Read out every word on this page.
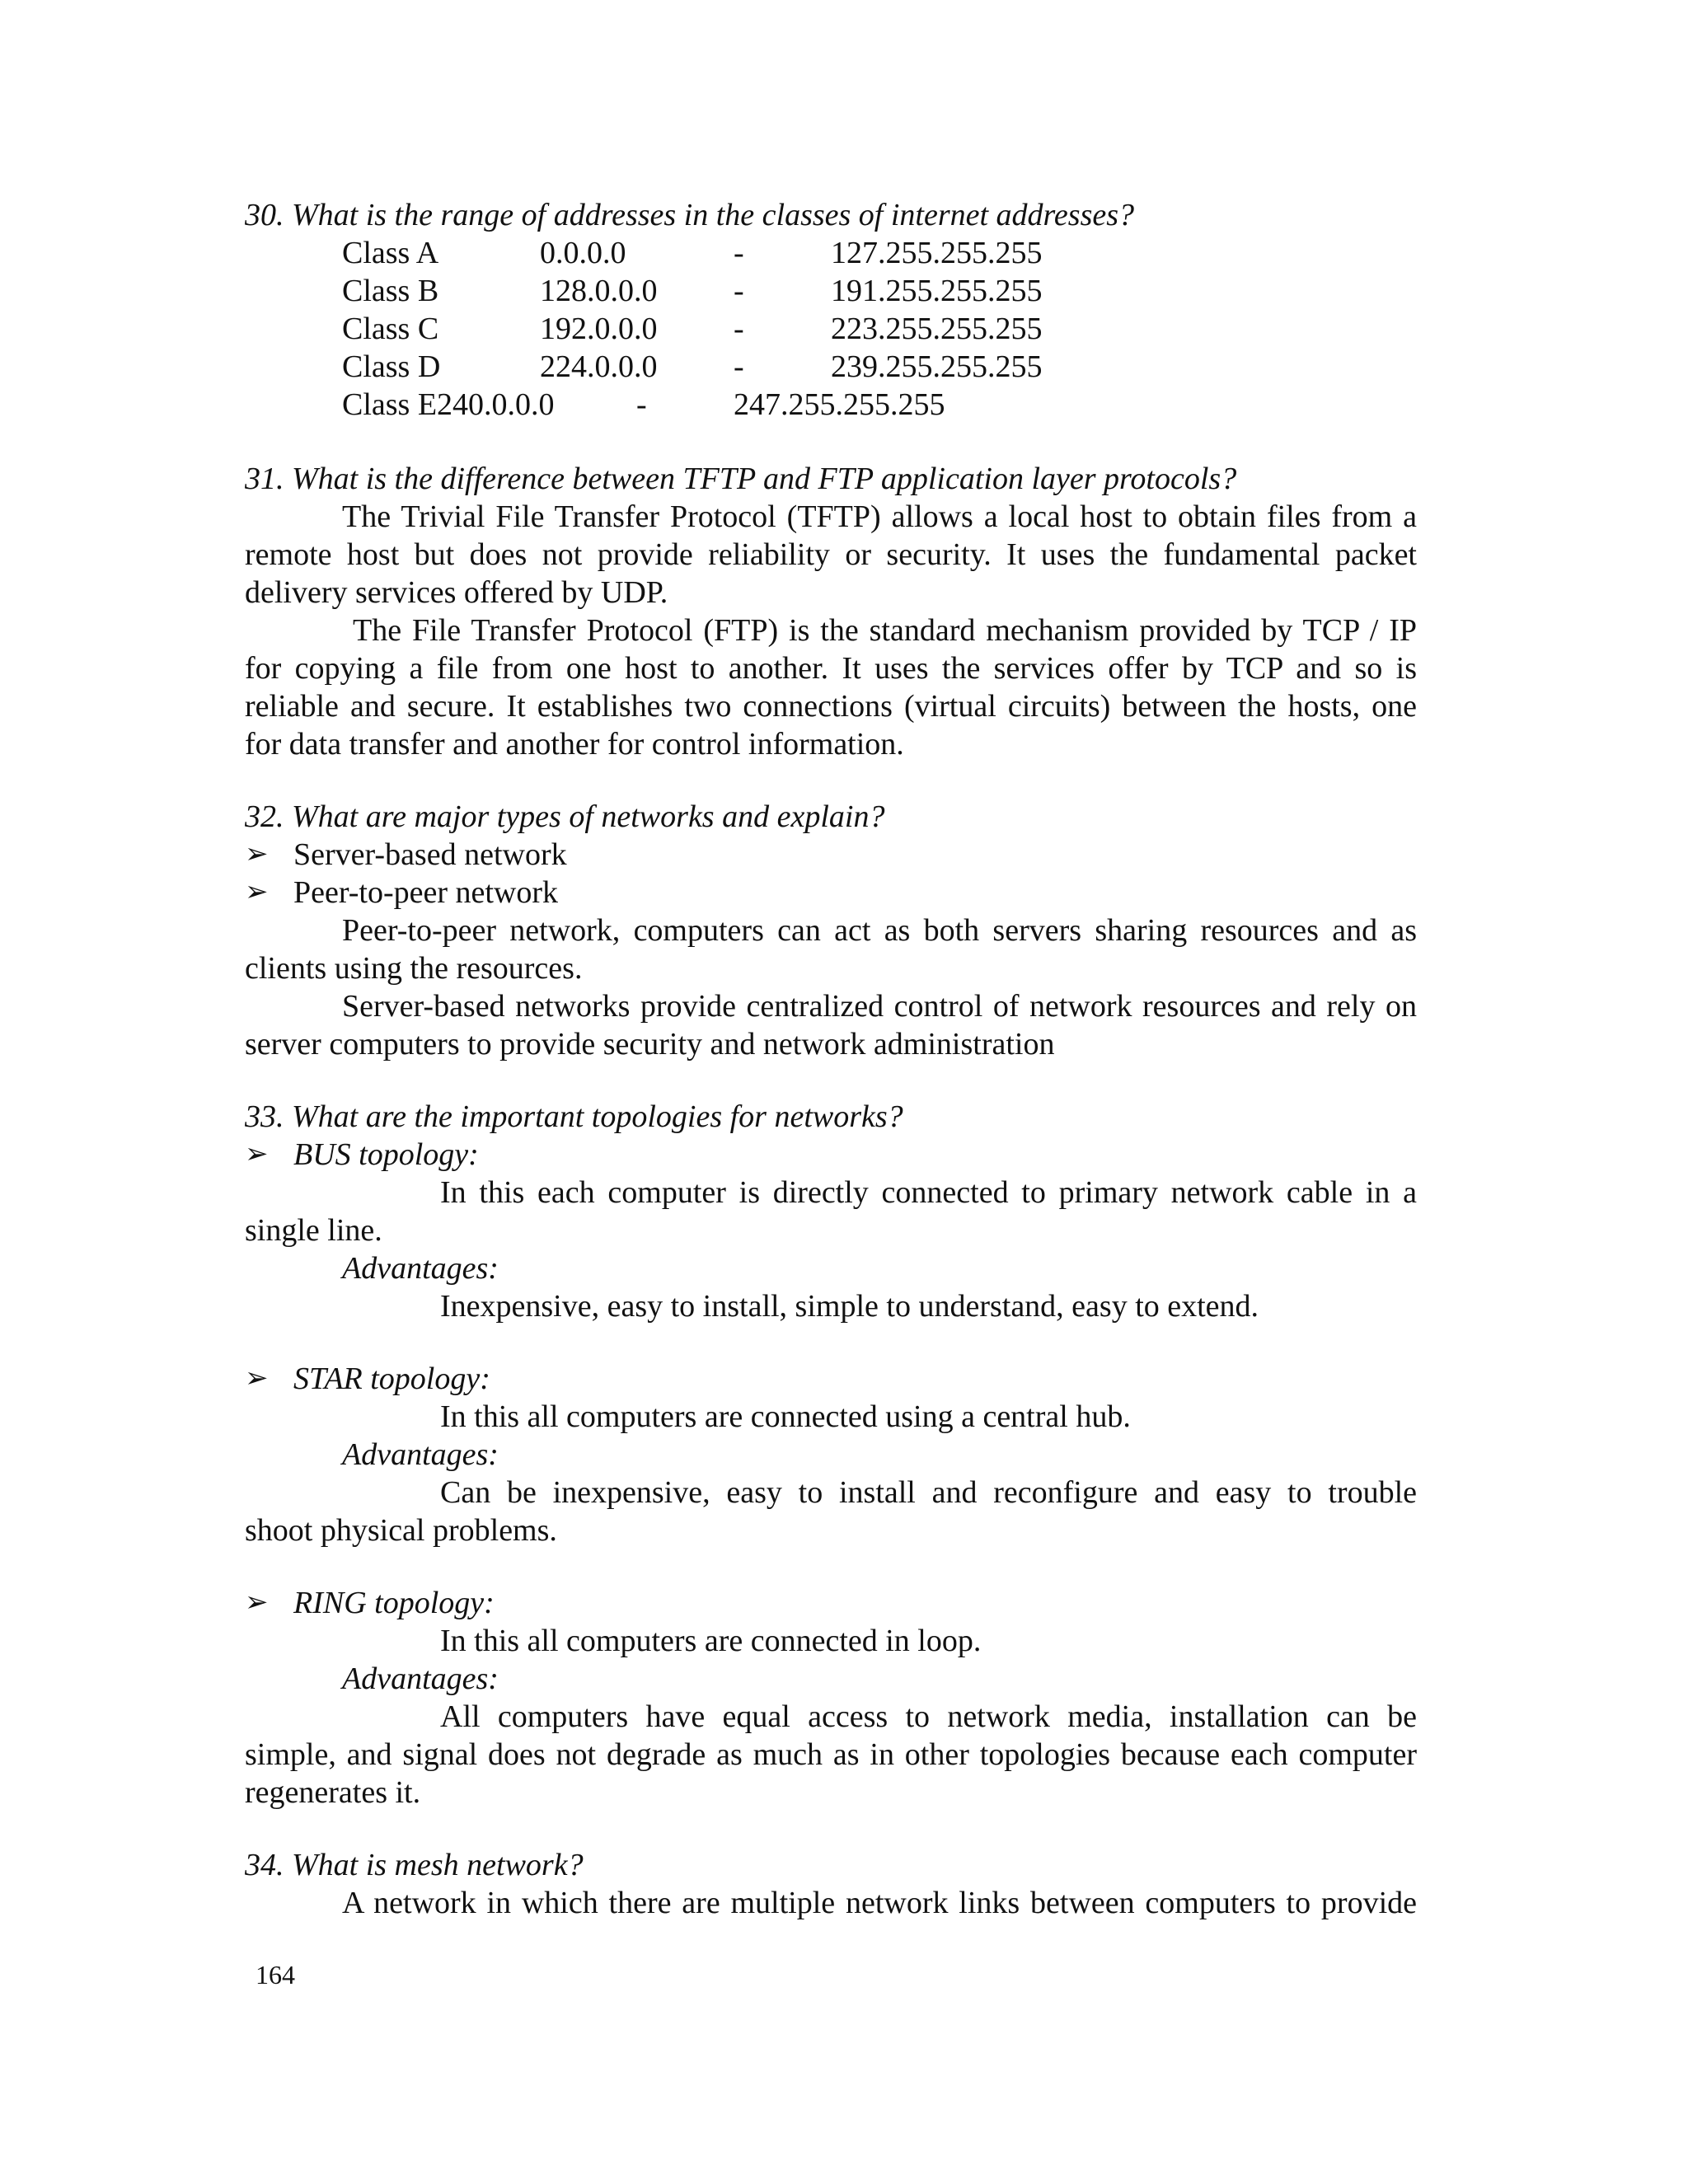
30. What is the range of addresses in the classes of internet addresses?
Class A	0.0.0.0	-	127.255.255.255
Class B	128.0.0.0 -	191.255.255.255
Class C	192.0.0.0 -	223.255.255.255
Class D	224.0.0.0 -	239.255.255.255
Class E240.0.0.0	-	247.255.255.255
31. What is the difference between TFTP and FTP application layer protocols?
The Trivial File Transfer Protocol (TFTP) allows a local host to obtain files from a
remote host but does not provide reliability or security. It uses the fundamental packet
delivery services offered by UDP.
The File Transfer Protocol (FTP) is the standard mechanism provided by TCP / IP
for copying a file from one host to another. It uses the services offer by TCP and so is
reliable and secure. It establishes two connections (virtual circuits) between the hosts, one
for data transfer and another for control information.
32. What are major types of networks and explain?
➢ Server-based network
➢ Peer-to-peer network
Peer-to-peer network, computers can act as both servers sharing resources and as
clients using the resources.
Server-based networks provide centralized control of network resources and rely on
server computers to provide security and network administration
33. What are the important topologies for networks?
➢ BUS topology:
In this each computer is directly connected to primary network cable in a
single line.
Advantages:
Inexpensive, easy to install, simple to understand, easy to extend.
➢ STAR topology:
In this all computers are connected using a central hub.
Advantages:
Can be inexpensive, easy to install and reconfigure and easy to trouble
shoot physical problems.
➢ RING topology:
In this all computers are connected in loop.
Advantages:
All computers have equal access to network media, installation can be
simple, and signal does not degrade as much as in other topologies because each computer
regenerates it.
34. What is mesh network?
A network in which there are multiple network links between computers to provide
164
